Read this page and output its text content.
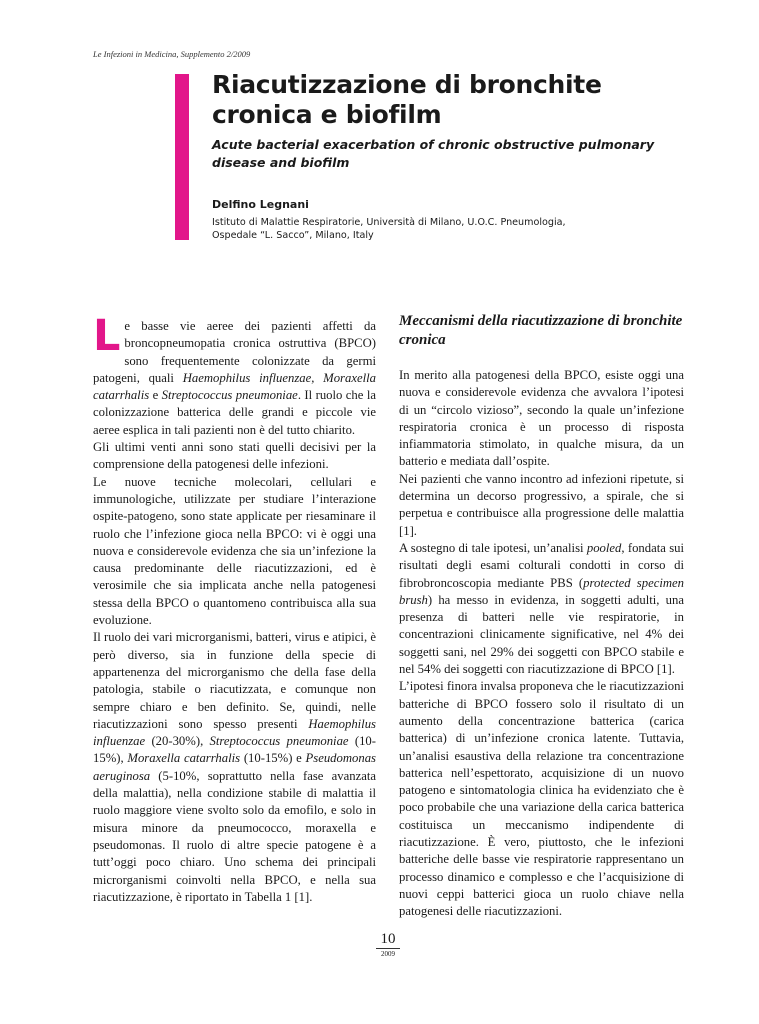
Le Infezioni in Medicina, Supplemento 2/2009
Riacutizzazione di bronchite cronica e biofilm
Acute bacterial exacerbation of chronic obstructive pulmonary disease and biofilm
Delfino Legnani
Istituto di Malattie Respiratorie, Università di Milano, U.O.C. Pneumologia,
Ospedale “L. Sacco”, Milano, Italy

Le basse vie aeree dei pazienti affetti da broncopneumopatia cronica ostruttiva (BPCO) sono frequentemente colonizzate da germi patogeni, quali Haemophilus influenzae, Moraxella catarrhalis e Streptococcus pneumoniae. Il ruolo che la colonizzazione batterica delle grandi e piccole vie aeree esplica in tali pazienti non è del tutto chiarito.

Gli ultimi venti anni sono stati quelli decisivi per la comprensione della patogenesi delle infezioni.

Le nuove tecniche molecolari, cellulari e immunologiche, utilizzate per studiare l’interazione ospite-patogeno, sono state applicate per riesaminare il ruolo che l’infezione gioca nella BPCO: vi è oggi una nuova e considerevole evidenza che sia un’infezione la causa predominante delle riacutizzazioni, ed è verosimile che sia implicata anche nella patogenesi stessa della BPCO o quantomeno contribuisca alla sua evoluzione.

Il ruolo dei vari microrganismi, batteri, virus e atipici, è però diverso, sia in funzione della specie di appartenenza del microrganismo che della fase della patologia, stabile o riacutizzata, e comunque non sempre chiaro e ben definito. Se, quindi, nelle riacutizzazioni sono spesso presenti Haemophilus influenzae (20-30%), Streptococcus pneumoniae (10-15%), Moraxella catarrhalis (10-15%) e Pseudomonas aeruginosa (5-10%, soprattutto nella fase avanzata della malattia), nella condizione stabile di malattia il ruolo maggiore viene svolto solo da emofilo, e solo in misura minore da pneumococco, moraxella e pseudomonas. Il ruolo di altre specie patogene è a tutt’oggi poco chiaro. Uno schema dei principali microrganismi coinvolti nella BPCO, e nella sua riacutizzazione, è riportato in Tabella 1 [1].

Meccanismi della riacutizzazione di bronchite cronica

In merito alla patogenesi della BPCO, esiste oggi una nuova e considerevole evidenza che avvalora l’ipotesi di un “circolo vizioso”, secondo la quale un’infezione respiratoria cronica è un processo di risposta infiammatoria stimolato, in qualche misura, da un batterio e mediata dall’ospite.

Nei pazienti che vanno incontro ad infezioni ripetute, si determina un decorso progressivo, a spirale, che si perpetua e contribuisce alla progressione delle malattia [1].

A sostegno di tale ipotesi, un’analisi pooled, fondata sui risultati degli esami colturali condotti in corso di fibrobroncoscopia mediante PBS (protected specimen brush) ha messo in evidenza, in soggetti adulti, una presenza di batteri nelle vie respiratorie, in concentrazioni clinicamente significative, nel 4% dei soggetti sani, nel 29% dei soggetti con BPCO stabile e nel 54% dei soggetti con riacutizzazione di BPCO [1].

L’ipotesi finora invalsa proponeva che le riacutizzazioni batteriche di BPCO fossero solo il risultato di un aumento della concentrazione batterica (carica batterica) di un’infezione cronica latente. Tuttavia, un’analisi esaustiva della relazione tra concentrazione batterica nell’espettorato, acquisizione di un nuovo patogeno e sintomatologia clinica ha evidenziato che è poco probabile che una variazione della carica batterica costituisca un meccanismo indipendente di riacutizzazione. È vero, piuttosto, che le infezioni batteriche delle basse vie respiratorie rappresentano un processo dinamico e complesso e che l’acquisizione di nuovi ceppi batterici gioca un ruolo chiave nella patogenesi delle riacutizzazioni.

10
2009
